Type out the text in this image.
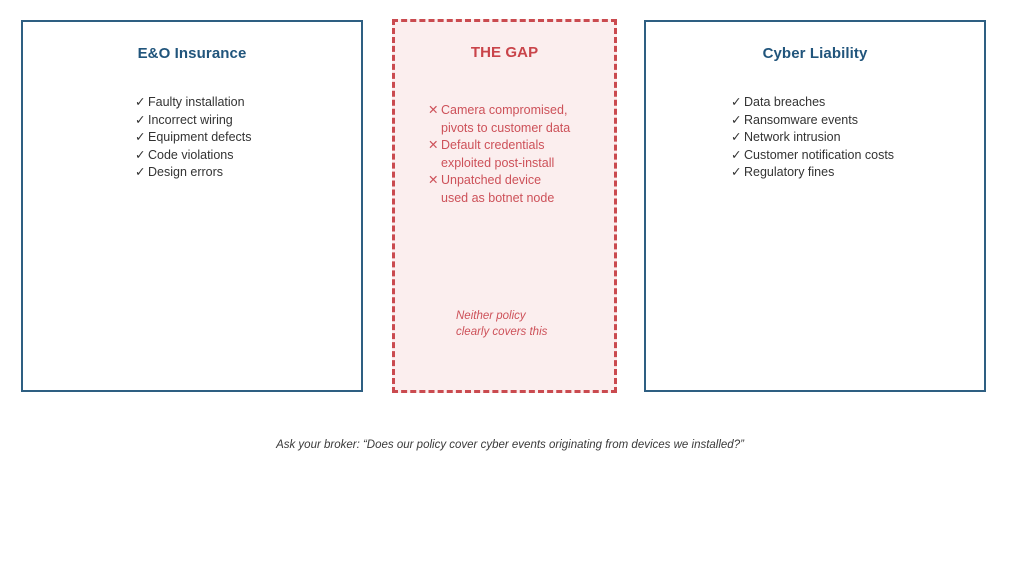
E&O Insurance
✓ Faulty installation
✓ Incorrect wiring
✓ Equipment defects
✓ Code violations
✓ Design errors
THE GAP
✕ Camera compromised,
pivots to customer data
✕ Default credentials
exploited post-install
✕ Unpatched device
used as botnet node
Neither policy
clearly covers this
Cyber Liability
✓ Data breaches
✓ Ransomware events
✓ Network intrusion
✓ Customer notification costs
✓ Regulatory fines
Ask your broker: “Does our policy cover cyber events originating from devices we installed?”
